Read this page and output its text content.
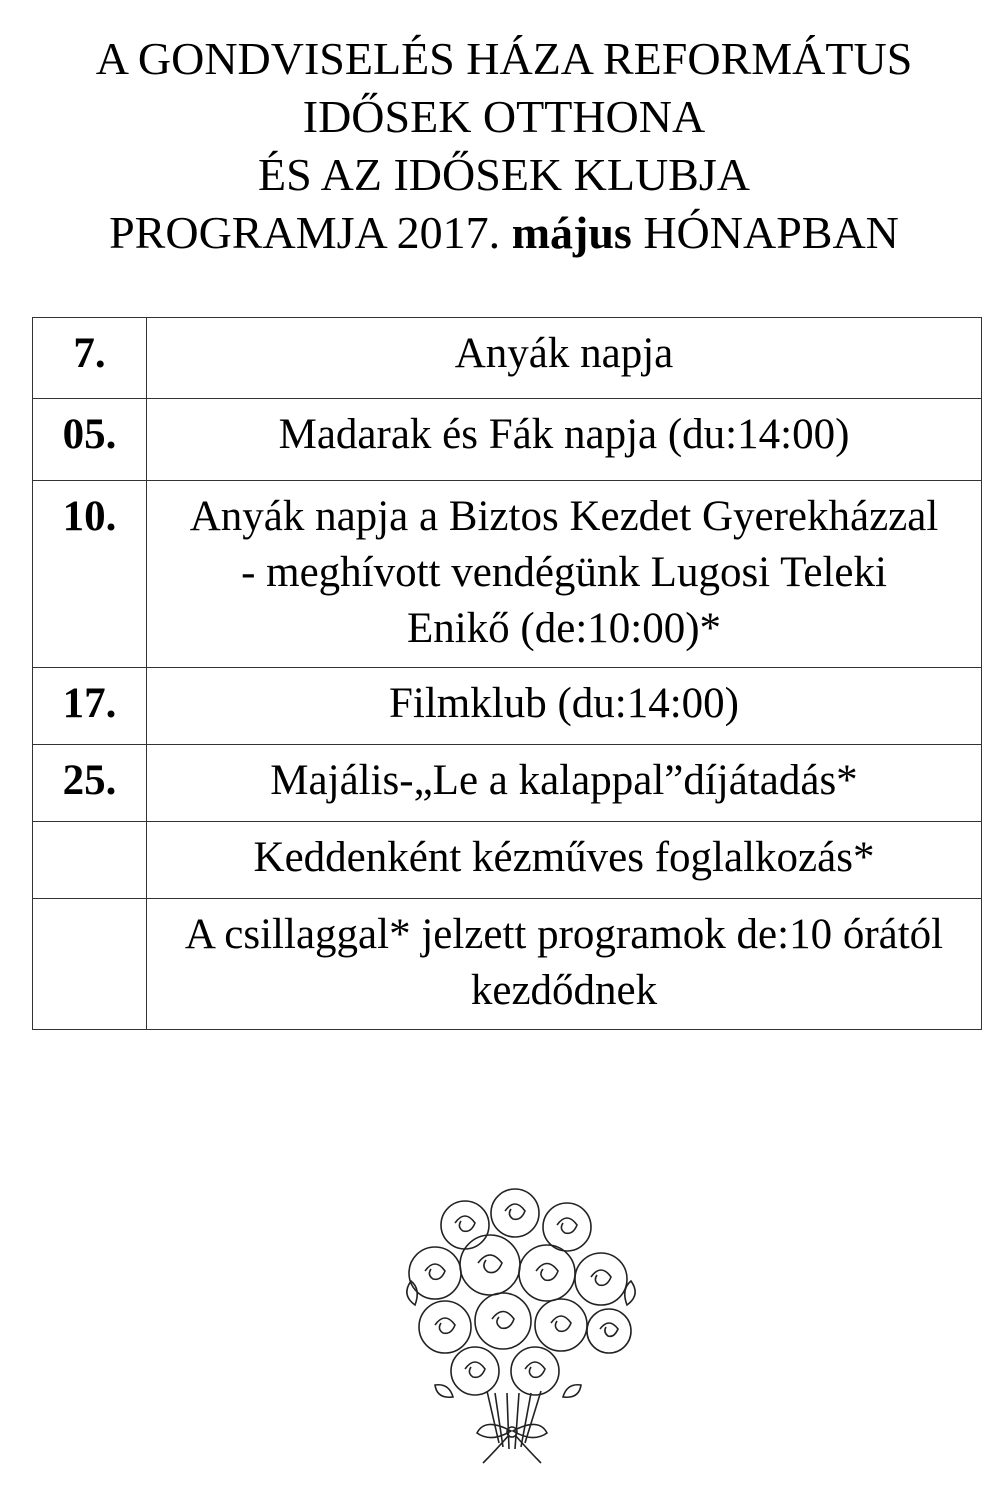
A GONDVISELÉS HÁZA REFORMÁTUS
IDŐSEK OTTHONA
ÉS AZ IDŐSEK KLUBJA
PROGRAMJA 2017. május HÓNAPBAN
7.	Anyák napja
05.	Madarak és Fák napja (du:14:00)
10.	Anyák napja a Biztos Kezdet Gyerekházzal - meghívott vendégünk Lugosi Teleki Enikő (de:10:00)*
17.	Filmklub (du:14:00)
25.	Majális-„Le a kalappal”díjátadás*
	Keddenként kézműves foglalkozás*
	A csillaggal* jelzett programok de:10 órától kezdődnek
